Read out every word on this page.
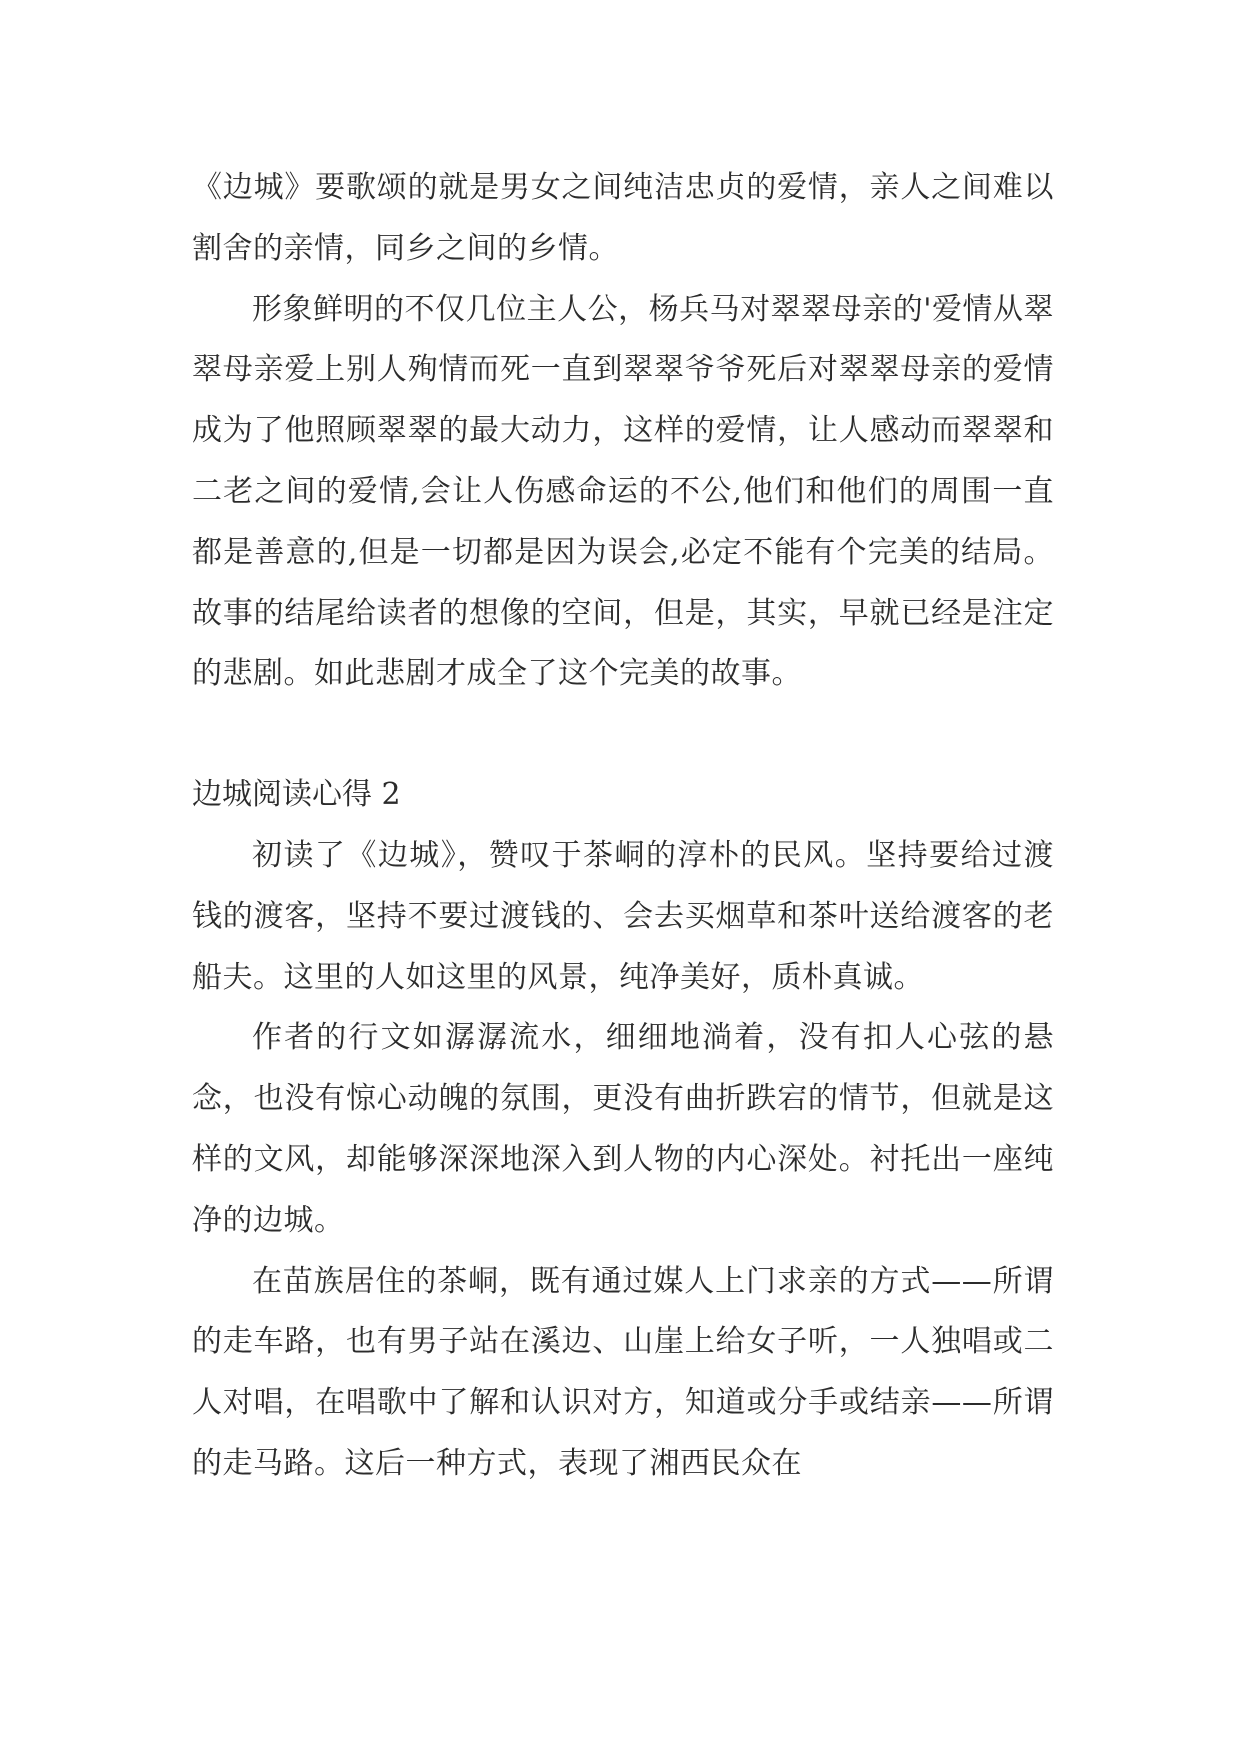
《边城》要歌颂的就是男女之间纯洁忠贞的爱情，亲人之间难以割舍的亲情，同乡之间的乡情。

形象鲜明的不仅几位主人公，杨兵马对翠翠母亲的'爱情从翠翠母亲爱上别人殉情而死一直到翠翠爷爷死后对翠翠母亲的爱情成为了他照顾翠翠的最大动力，这样的爱情，让人感动而翠翠和二老之间的爱情,会让人伤感命运的不公,他们和他们的周围一直都是善意的,但是一切都是因为误会,必定不能有个完美的结局。故事的结尾给读者的想像的空间，但是，其实，早就已经是注定的悲剧。如此悲剧才成全了这个完美的故事。

边城阅读心得 2

初读了《边城》，赞叹于茶峒的淳朴的民风。坚持要给过渡钱的渡客，坚持不要过渡钱的、会去买烟草和茶叶送给渡客的老船夫。这里的人如这里的风景，纯净美好，质朴真诚。

作者的行文如潺潺流水，细细地淌着，没有扣人心弦的悬念，也没有惊心动魄的氛围，更没有曲折跌宕的情节，但就是这样的文风，却能够深深地深入到人物的内心深处。衬托出一座纯净的边城。

在苗族居住的茶峒，既有通过媒人上门求亲的方式——所谓的走车路，也有男子站在溪边、山崖上给女子听，一人独唱或二人对唱，在唱歌中了解和认识对方，知道或分手或结亲——所谓的走马路。这后一种方式，表现了湘西民众在
